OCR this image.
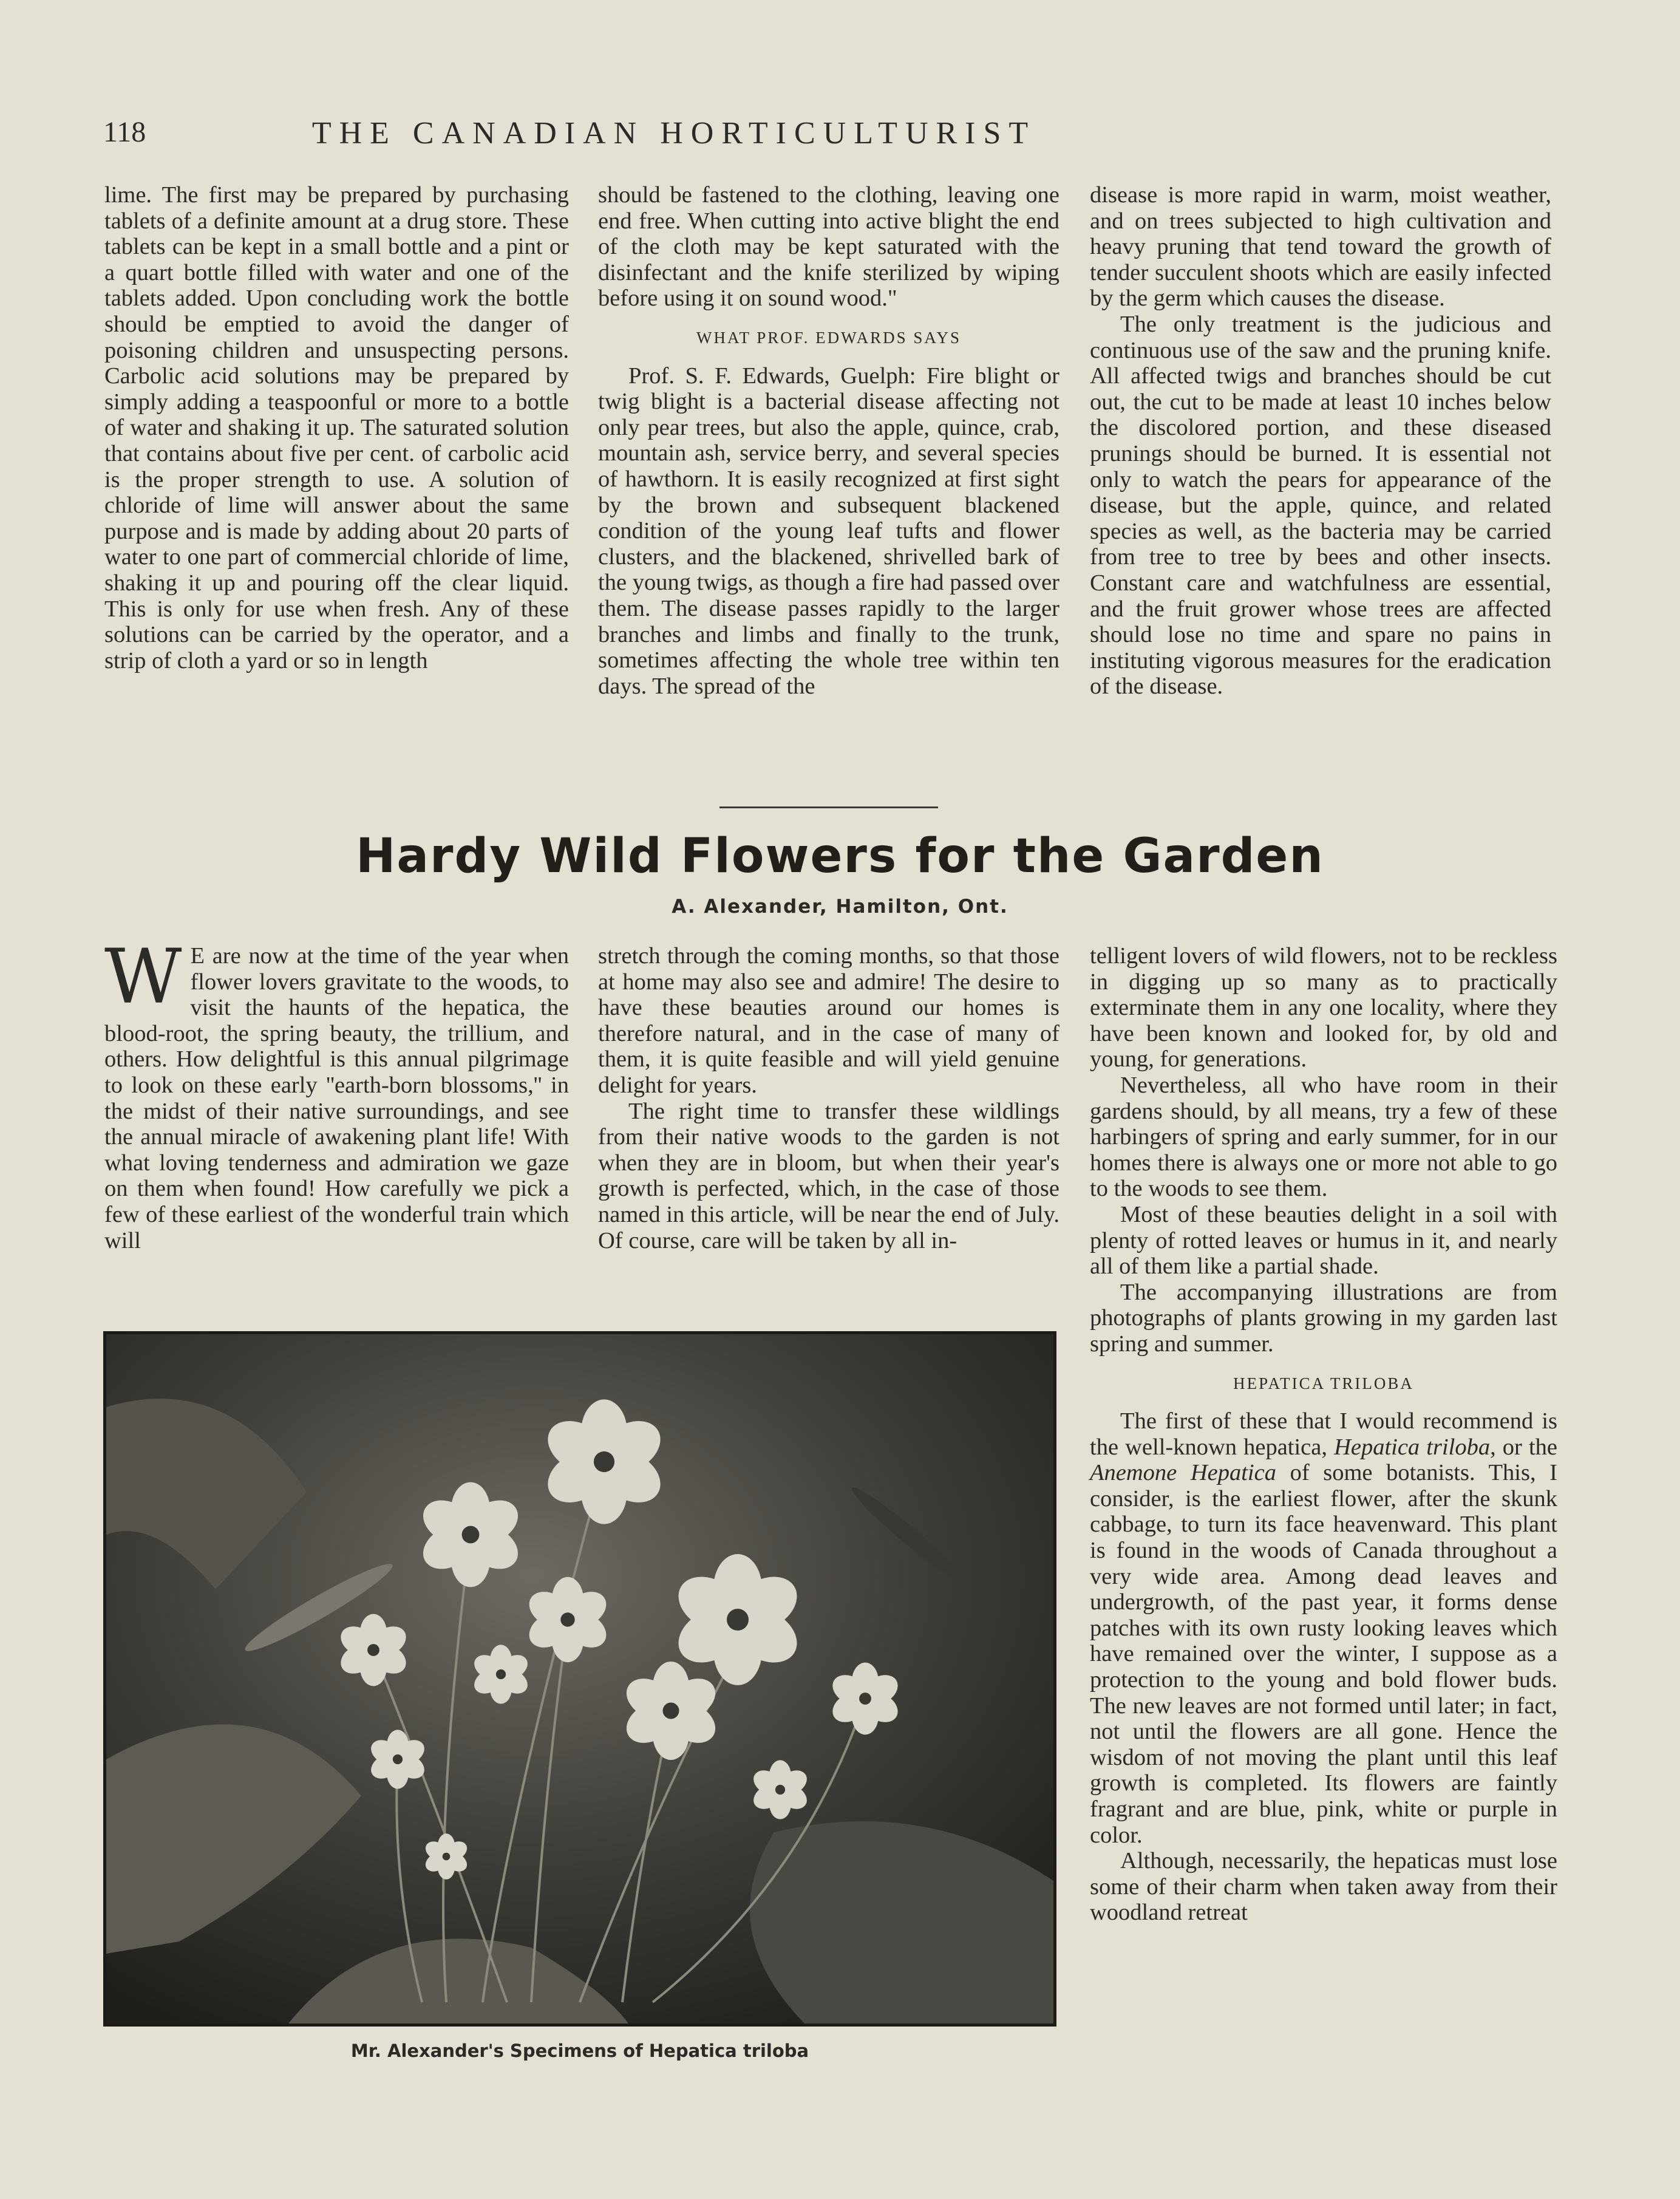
118	THE CANADIAN HORTICULTURIST

lime. The first may be prepared by purchasing tablets of a definite amount at a drug store. These tablets can be kept in a small bottle and a pint or a quart bottle filled with water and one of the tablets added. Upon concluding work the bottle should be emptied to avoid the danger of poisoning children and unsuspecting persons. Carbolic acid solutions may be prepared by simply adding a teaspoonful or more to a bottle of water and shaking it up. The saturated solution that contains about five per cent. of carbolic acid is the proper strength to use. A solution of chloride of lime will answer about the same purpose and is made by adding about 20 parts of water to one part of commercial chloride of lime, shaking it up and pouring off the clear liquid. This is only for use when fresh. Any of these solutions can be carried by the operator, and a strip of cloth a yard or so in length

should be fastened to the clothing, leaving one end free. When cutting into active blight the end of the cloth may be kept saturated with the disinfectant and the knife sterilized by wiping before using it on sound wood."

WHAT PROF. EDWARDS SAYS

Prof. S. F. Edwards, Guelph: Fire blight or twig blight is a bacterial disease affecting not only pear trees, but also the apple, quince, crab, mountain ash, service berry, and several species of hawthorn. It is easily recognized at first sight by the brown and subsequent blackened condition of the young leaf tufts and flower clusters, and the blackened, shrivelled bark of the young twigs, as though a fire had passed over them. The disease passes rapidly to the larger branches and limbs and finally to the trunk, sometimes affecting the whole tree within ten days. The spread of the

disease is more rapid in warm, moist weather, and on trees subjected to high cultivation and heavy pruning that tend toward the growth of tender succulent shoots which are easily infected by the germ which causes the disease.

The only treatment is the judicious and continuous use of the saw and the pruning knife. All affected twigs and branches should be cut out, the cut to be made at least 10 inches below the discolored portion, and these diseased prunings should be burned. It is essential not only to watch the pears for appearance of the disease, but the apple, quince, and related species as well, as the bacteria may be carried from tree to tree by bees and other insects. Constant care and watchfulness are essential, and the fruit grower whose trees are affected should lose no time and spare no pains in instituting vigorous measures for the eradication of the disease.

Hardy Wild Flowers for the Garden
A. Alexander, Hamilton, Ont.
W E are now at the time of the year when flower lovers gravitate to the woods, to visit the haunts of the hepatica, the blood-root, the spring beauty, the trillium, and others. How delightful is this annual pilgrimage to look on these early ''earth-born blossoms,'' in the midst of their native surroundings, and see the annual miracle of awakening plant life! With what loving tenderness and admiration we gaze on them when found! How carefully we pick a few of these earliest of the wonderful train which will

stretch through the coming months, so that those at home may also see and admire! The desire to have these beauties around our homes is therefore natural, and in the case of many of them, it is quite feasible and will yield genuine delight for years.

The right time to transfer these wildlings from their native woods to the garden is not when they are in bloom, but when their year's growth is perfected, which, in the case of those named in this article, will be near the end of July. Of course, care will be taken by all in-

telligent lovers of wild flowers, not to be reckless in digging up so many as to practically exterminate them in any one locality, where they have been known and looked for, by old and young, for generations.

Nevertheless, all who have room in their gardens should, by all means, try a few of these harbingers of spring and early summer, for in our homes there is always one or more not able to go to the woods to see them.

Most of these beauties delight in a soil with plenty of rotted leaves or humus in it, and nearly all of them like a partial shade.

The accompanying illustrations are from photographs of plants growing in my garden last spring and summer.

HEPATICA TRILOBA

The first of these that I would recommend is the well-known hepatica, Hepatica triloba, or the Anemone Hepatica of some botanists. This, I consider, is the earliest flower, after the skunk cabbage, to turn its face heavenward. This plant is found in the woods of Canada throughout a very wide area. Among dead leaves and undergrowth, of the past year, it forms dense patches with its own rusty looking leaves which have remained over the winter, I suppose as a protection to the young and bold flower buds. The new leaves are not formed until later; in fact, not until the flowers are all gone. Hence the wisdom of not moving the plant until this leaf growth is completed. Its flowers are faintly fragrant and are blue, pink, white or purple in color.

Although, necessarily, the hepaticas must lose some of their charm when taken away from their woodland retreat

Mr. Alexander's Specimens of Hepatica triloba
